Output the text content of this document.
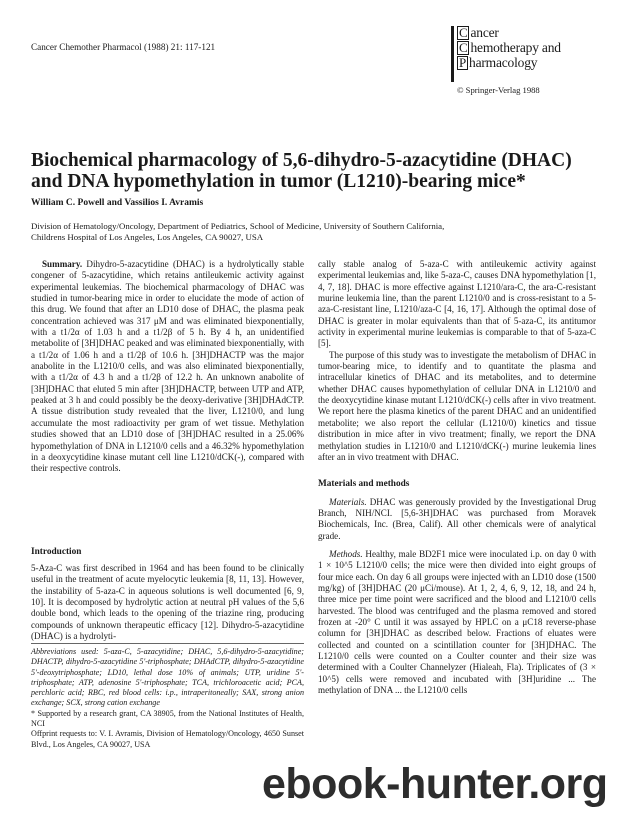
Cancer Chemother Pharmacol (1988) 21: 117-121
C ancer
C hemotherapy and
P harmacology
© Springer-Verlag 1988
Biochemical pharmacology of 5,6-dihydro-5-azacytidine (DHAC)
and DNA hypomethylation in tumor (L1210)-bearing mice*
William C. Powell and Vassilios I. Avramis
Division of Hematology/Oncology, Department of Pediatrics, School of Medicine, University of Southern California,
Childrens Hospital of Los Angeles, Los Angeles, CA 90027, USA

Summary. Dihydro-5-azacytidine (DHAC) is a hydrolytically stable congener of 5-azacytidine, which retains antileukemic activity against experimental leukemias. The biochemical pharmacology of DHAC was studied in tumor-bearing mice in order to elucidate the mode of action of this drug. We found that after an LD10 dose of DHAC, the plasma peak concentration achieved was 317 μM and was eliminated biexponentially, with a t1/2α of 1.03 h and a t1/2β of 5 h. By 4 h, an unidentified metabolite of [3H]DHAC peaked and was eliminated biexponentially, with a t1/2α of 1.06 h and a t1/2β of 10.6 h. [3H]DHACTP was the major anabolite in the L1210/0 cells, and was also eliminated biexponentially, with a t1/2α of 4.3 h and a t1/2β of 12.2 h. An unknown anabolite of [3H]DHAC that eluted 5 min after [3H]DHACTP, between UTP and ATP, peaked at 3 h and could possibly be the deoxy-derivative [3H]DHAdCTP. A tissue distribution study revealed that the liver, L1210/0, and lung accumulate the most radioactivity per gram of wet tissue. Methylation studies showed that an LD10 dose of [3H]DHAC resulted in a 25.06% hypomethylation of DNA in L1210/0 cells and a 46.32% hypomethylation in a deoxycytidine kinase mutant cell line L1210/dCK(-), compared with their respective controls.

Introduction

5-Aza-C was first described in 1964 and has been found to be clinically useful in the treatment of acute myelocytic leukemia [8, 11, 13]. However, the instability of 5-aza-C in aqueous solutions is well documented [6, 9, 10]. It is decomposed by hydrolytic action at neutral pH values of the 5,6 double bond, which leads to the opening of the triazine ring, producing compounds of unknown therapeutic efficacy [12]. Dihydro-5-azacytidine (DHAC) is a hydrolyti-

Abbreviations used: 5-aza-C, 5-azacytidine; DHAC, 5,6-dihydro-5-azacytidine; DHACTP, dihydro-5-azacytidine 5'-triphosphate; DHAdCTP, dihydro-5-azacytidine 5'-deoxytriphosphate; LD10, lethal dose 10% of animals; UTP, uridine 5'-triphosphate; ATP, adenosine 5'-triphosphate; TCA, trichloroacetic acid; PCA, perchloric acid; RBC, red blood cells: i.p., intraperitoneally; SAX, strong anion exchange; SCX, strong cation exchange

* Supported by a research grant, CA 38905, from the National Institutes of Health, NCI

Offprint requests to: V. I. Avramis, Division of Hematology/Oncology, 4650 Sunset Blvd., Los Angeles, CA 90027, USA

cally stable analog of 5-aza-C with antileukemic activity against experimental leukemias and, like 5-aza-C, causes DNA hypomethylation [1, 4, 7, 18]. DHAC is more effective against L1210/ara-C, the ara-C-resistant murine leukemia line, than the parent L1210/0 and is cross-resistant to a 5-aza-C-resistant line, L1210/aza-C [4, 16, 17]. Although the optimal dose of DHAC is greater in molar equivalents than that of 5-aza-C, its antitumor activity in experimental murine leukemias is comparable to that of 5-aza-C [5].

The purpose of this study was to investigate the metabolism of DHAC in tumor-bearing mice, to identify and to quantitate the plasma and intracellular kinetics of DHAC and its metabolites, and to determine whether DHAC causes hypomethylation of cellular DNA in L1210/0 and the deoxycytidine kinase mutant L1210/dCK(-) cells after in vivo treatment. We report here the plasma kinetics of the parent DHAC and an unidentified metabolite; we also report the cellular (L1210/0) kinetics and tissue distribution in mice after in vivo treatment; finally, we report the DNA methylation studies in L1210/0 and L1210/dCK(-) murine leukemia lines after an in vivo treatment with DHAC.

Materials and methods

Materials. DHAC was generously provided by the Investigational Drug Branch, NIH/NCI. [5,6-3H]DHAC was purchased from Moravek Biochemicals, Inc. (Brea, Calif). All other chemicals were of analytical grade.

Methods. Healthy, male BD2F1 mice were inoculated i.p. on day 0 with 1 × 10^5 L1210/0 cells; the mice were then divided into eight groups of four mice each. On day 6 all groups were injected with an LD10 dose (1500 mg/kg) of [3H]DHAC (20 μCi/mouse). At 1, 2, 4, 6, 9, 12, 18, and 24 h, three mice per time point were sacrificed and the blood and L1210/0 cells harvested. The blood was centrifuged and the plasma removed and stored frozen at -20° C until it was assayed by HPLC on a μC18 reverse-phase column for [3H]DHAC as described below. Fractions of eluates were collected and counted on a scintillation counter for [3H]DHAC. The L1210/0 cells were counted on a Coulter counter and their size was determined with a Coulter Channelyzer (Hialeah, Fla). Triplicates of (3 × 10^5) cells were removed and incubated with [3H]uridine ... The methylation of DNA ... the L1210/0 cells

ebook-hunter.org
